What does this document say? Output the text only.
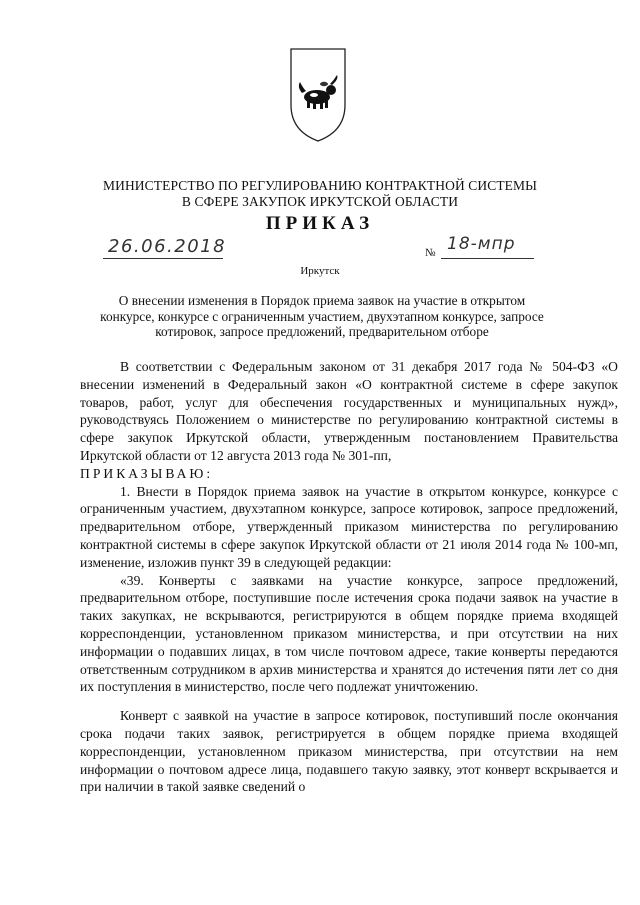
МИНИСТЕРСТВО ПО РЕГУЛИРОВАНИЮ КОНТРАКТНОЙ СИСТЕМЫ
В СФЕРЕ ЗАКУПОК ИРКУТСКОЙ ОБЛАСТИ
ПРИКАЗ
26.06.2018	№ 18-мпр
Иркутск
О внесении изменения в Порядок приема заявок на участие в открытом
конкурсе, конкурсе с ограниченным участием, двухэтапном конкурсе, запросе
котировок, запросе предложений, предварительном отборе

В соответствии с Федеральным законом от 31 декабря 2017 года № 504-ФЗ «О внесении изменений в Федеральный закон «О контрактной системе в сфере закупок товаров, работ, услуг для обеспечения государственных и муниципальных нужд», руководствуясь Положением о министерстве по регулированию контрактной системы в сфере закупок Иркутской области, утвержденным постановлением Правительства Иркутской области от 12 августа 2013 года № 301-пп,

ПРИКАЗЫВАЮ:

1. Внести в Порядок приема заявок на участие в открытом конкурсе, конкурсе с ограниченным участием, двухэтапном конкурсе, запросе котировок, запросе предложений, предварительном отборе, утвержденный приказом министерства по регулированию контрактной системы в сфере закупок Иркутской области от 21 июля 2014 года № 100-мп, изменение, изложив пункт 39 в следующей редакции:

«39. Конверты с заявками на участие конкурсе, запросе предложений, предварительном отборе, поступившие после истечения срока подачи заявок на участие в таких закупках, не вскрываются, регистрируются в общем порядке приема входящей корреспонденции, установленном приказом министерства, и при отсутствии на них информации о подавших лицах, в том числе почтовом адресе, такие конверты передаются ответственным сотрудником в архив министерства и хранятся до истечения пяти лет со дня их поступления в министерство, после чего подлежат уничтожению.

Конверт с заявкой на участие в запросе котировок, поступивший после окончания срока подачи таких заявок, регистрируется в общем порядке приема входящей корреспонденции, установленном приказом министерства, при отсутствии на нем информации о почтовом адресе лица, подавшего такую заявку, этот конверт вскрывается и при наличии в такой заявке сведений о
